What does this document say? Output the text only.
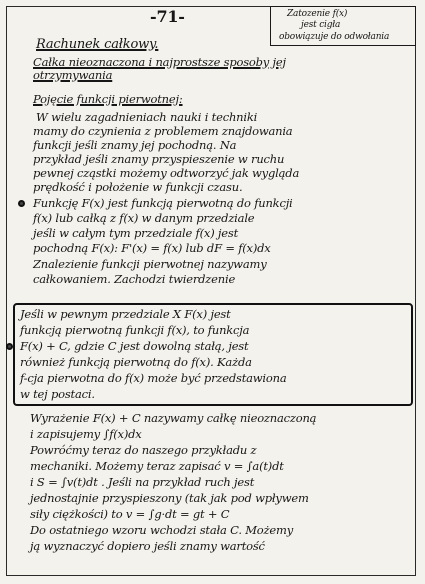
-71-	Zatozenie f(x)
jest cigła
obowiązuje do odwołania
Rachunek całkowy.
Całka nieoznaczona i najprostsze sposoby jej
otrzymywania
Pojęcie funkcji pierwotnej:
W wielu zagadnieniach nauki i techniki
mamy do czynienia z problemem znajdowania
funkcji jeśli znamy jej pochodną. Na
przykład jeśli znamy przyspieszenie w ruchu
pewnej cząstki możemy odtworzyć jak wygląda
prędkość i położenie w funkcji czasu.
Funkcję F(x) jest funkcją pierwotną do funkcji
f(x) lub całką z f(x) w danym przedziale
jeśli w całym tym przedziale f(x) jest
pochodną F(x): F'(x) = f(x) lub dF = f(x)dx
Znalezienie funkcji pierwotnej nazywamy
całkowaniem. Zachodzi twierdzenie
Jeśli w pewnym przedziale X F(x) jest
funkcją pierwotną funkcji f(x), to funkcja
F(x) + C, gdzie C jest dowolną stałą, jest
również funkcją pierwotną do f(x). Każda
f-cja pierwotna do f(x) może być przedstawiona
w tej postaci.
Wyrażenie F(x) + C nazywamy całkę nieoznaczoną
i zapisujemy ∫f(x)dx
Powróćmy teraz do naszego przykładu z
mechaniki. Możemy teraz zapisać v = ∫a(t)dt
i S = ∫v(t)dt . Jeśli na przykład ruch jest
jednostajnie przyspieszony (tak jak pod wpływem
siły ciężkości) to v = ∫g·dt = gt + C
Do ostatniego wzoru wchodzi stała C. Możemy
ją wyznaczyć dopiero jeśli znamy wartość
